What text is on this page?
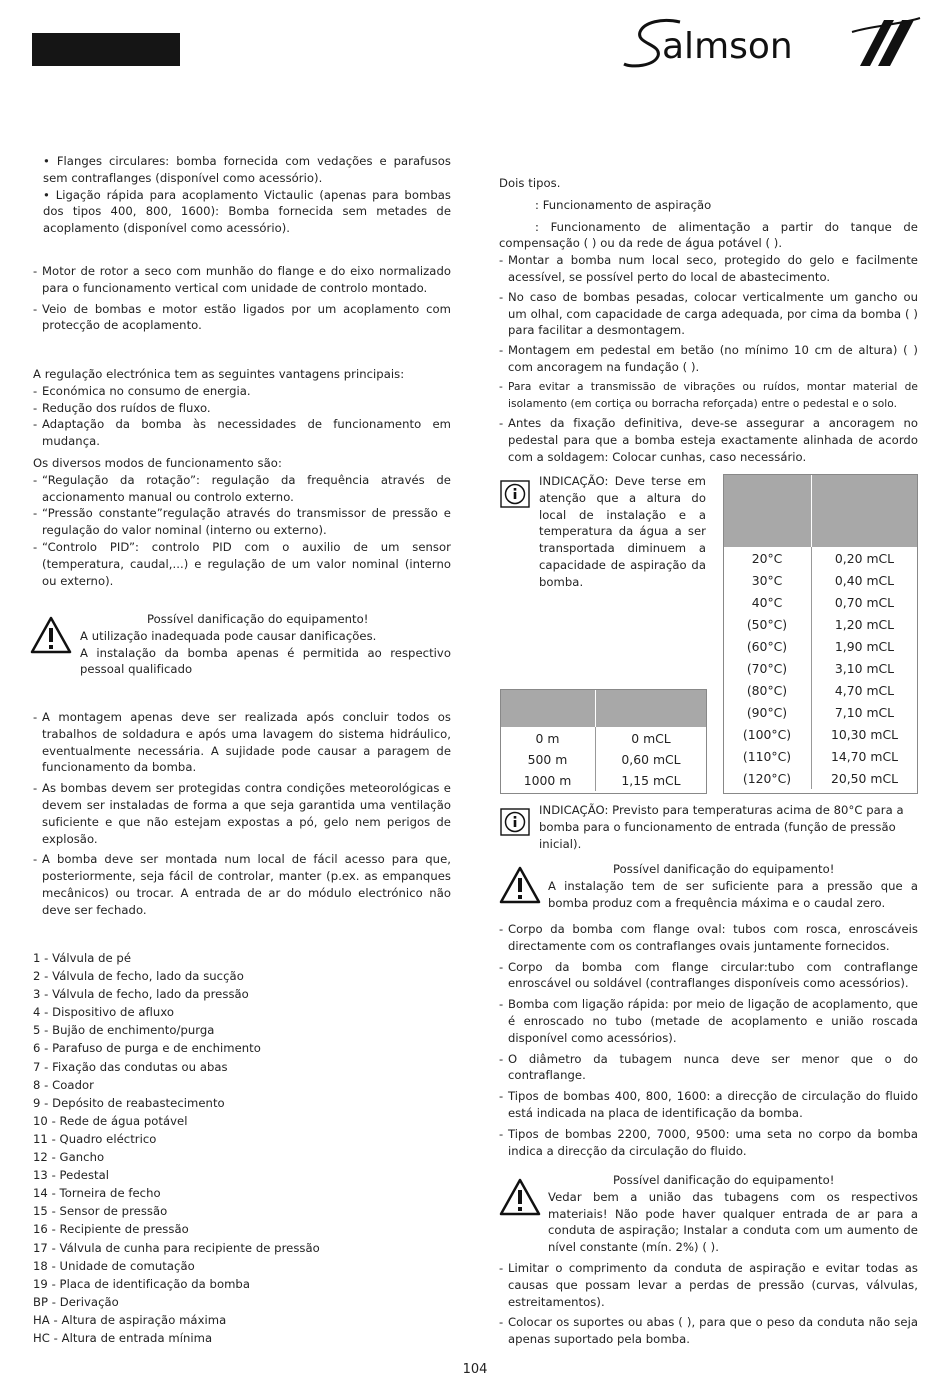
almson

• Flanges circulares: bomba fornecida com vedações e parafusos sem contraflanges (disponível como acessório).

• Ligação rápida para acoplamento Victaulic (apenas para bombas dos tipos 400, 800, 1600): Bomba fornecida sem metades de acoplamento (disponível como acessório).

- Motor de rotor a seco com munhão do flange e do eixo normalizado para o funcionamento vertical com unidade de controlo montado.

- Veio de bombas e motor estão ligados por um acoplamento com protecção de acoplamento.

A regulação electrónica tem as seguintes vantagens principais:

- Económica no consumo de energia.

- Redução dos ruídos de fluxo.

- Adaptação da bomba às necessidades de funcionamento em mudança.

Os diversos modos de funcionamento são:

- “Regulação da rotação”: regulação da frequência através de accionamento manual ou controlo externo.

- “Pressão constante”regulação através do transmissor de pressão e regulação do valor nominal (interno ou externo).

- “Controlo PID”: controlo PID com o auxilio de um sensor (temperatura, caudal,...) e regulação de um valor nominal (interno ou externo).

Possível danificação do equipamento!

A utilização inadequada pode causar danificações.

A instalação da bomba apenas é permitida ao respectivo pessoal qualificado

- A montagem apenas deve ser realizada após concluir todos os trabalhos de soldadura e após uma lavagem do sistema hidráulico, eventualmente necessária. A sujidade pode causar a paragem de funcionamento da bomba.

- As bombas devem ser protegidas contra condições meteorológicas e devem ser instaladas de forma a que seja garantida uma ventilação suficiente e que não estejam expostas a pó, gelo nem perigos de explosão.

- A bomba deve ser montada num local de fácil acesso para que, posteriormente, seja fácil de controlar, manter (p.ex. as empanques mecânicos) ou trocar. A entrada de ar do módulo electrónico não deve ser fechado.

1 - Válvula de pé

2 - Válvula de fecho, lado da sucção

3 - Válvula de fecho, lado da pressão

4 - Dispositivo de afluxo

5 - Bujão de enchimento/purga

6 - Parafuso de purga e de enchimento

7 - Fixação das condutas ou abas

8 - Coador

9 - Depósito de reabastecimento

10 - Rede de água potável

11 - Quadro eléctrico

12 - Gancho

13 - Pedestal

14 - Torneira de fecho

15 - Sensor de pressão

16 - Recipiente de pressão

17 - Válvula de cunha para recipiente de pressão

18 - Unidade de comutação

19 - Placa de identificação da bomba

BP - Derivação

HA - Altura de aspiração máxima

HC - Altura de entrada mínima

Dois tipos.

: Funcionamento de aspiração

: Funcionamento de alimentação a partir do tanque de compensação ( ) ou da rede de água potável ( ).

- Montar a bomba num local seco, protegido do gelo e facilmente acessível, se possível perto do local de abastecimento.

- No caso de bombas pesadas, colocar verticalmente um gancho ou um olhal, com capacidade de carga adequada, por cima da bomba ( ) para facilitar a desmontagem.

- Montagem em pedestal em betão (no mínimo 10 cm de altura) ( ) com ancoragem na fundação ( ).

- Para evitar a transmissão de vibrações ou ruídos, montar material de isolamento (em cortiça ou borracha reforçada) entre o pedestal e o solo.

- Antes da fixação definitiva, deve-se assegurar a ancoragem no pedestal para que a bomba esteja exactamente alinhada de acordo com a soldagem: Colocar cunhas, caso necessário.

INDICAÇÃO: Deve terse em atenção que a altura do local de instalação e a temperatura da água a ser transportada diminuem a capacidade de aspiração da bomba.

0 m	0 mCL
500 m	0,60 mCL
1000 m	1,15 mCL

20°C	0,20 mCL
30°C	0,40 mCL
40°C	0,70 mCL
(50°C)	1,20 mCL
(60°C)	1,90 mCL
(70°C)	3,10 mCL
(80°C)	4,70 mCL
(90°C)	7,10 mCL
(100°C)	10,30 mCL
(110°C)	14,70 mCL
(120°C)	20,50 mCL

INDICAÇÃO: Previsto para temperaturas acima de 80°C para a bomba para o funcionamento de entrada (função de pressão inicial).

Possível danificação do equipamento!

A instalação tem de ser suficiente para a pressão que a bomba produz com a frequência máxima e o caudal zero.

- Corpo da bomba com flange oval: tubos com rosca, enroscáveis directamente com os contraflanges ovais juntamente fornecidos.

- Corpo da bomba com flange circular:tubo com contraflange enroscável ou soldável (contraflanges disponíveis como acessórios).

- Bomba com ligação rápida: por meio de ligação de acoplamento, que é enroscado no tubo (metade de acoplamento e união roscada disponível como acessórios).

- O diâmetro da tubagem nunca deve ser menor que o do contraflange.

- Tipos de bombas 400, 800, 1600: a direcção de circulação do fluido está indicada na placa de identificação da bomba.

- Tipos de bombas 2200, 7000, 9500: uma seta no corpo da bomba indica a direcção da circulação do fluido.

Possível danificação do equipamento!

Vedar bem a união das tubagens com os respectivos materiais! Não pode haver qualquer entrada de ar para a conduta de aspiração; Instalar a conduta com um aumento de nível constante (mín. 2%) ( ).

- Limitar o comprimento da conduta de aspiração e evitar todas as causas que possam levar a perdas de pressão (curvas, válvulas, estreitamentos).

- Colocar os suportes ou abas ( ), para que o peso da conduta não seja apenas suportado pela bomba.

104
